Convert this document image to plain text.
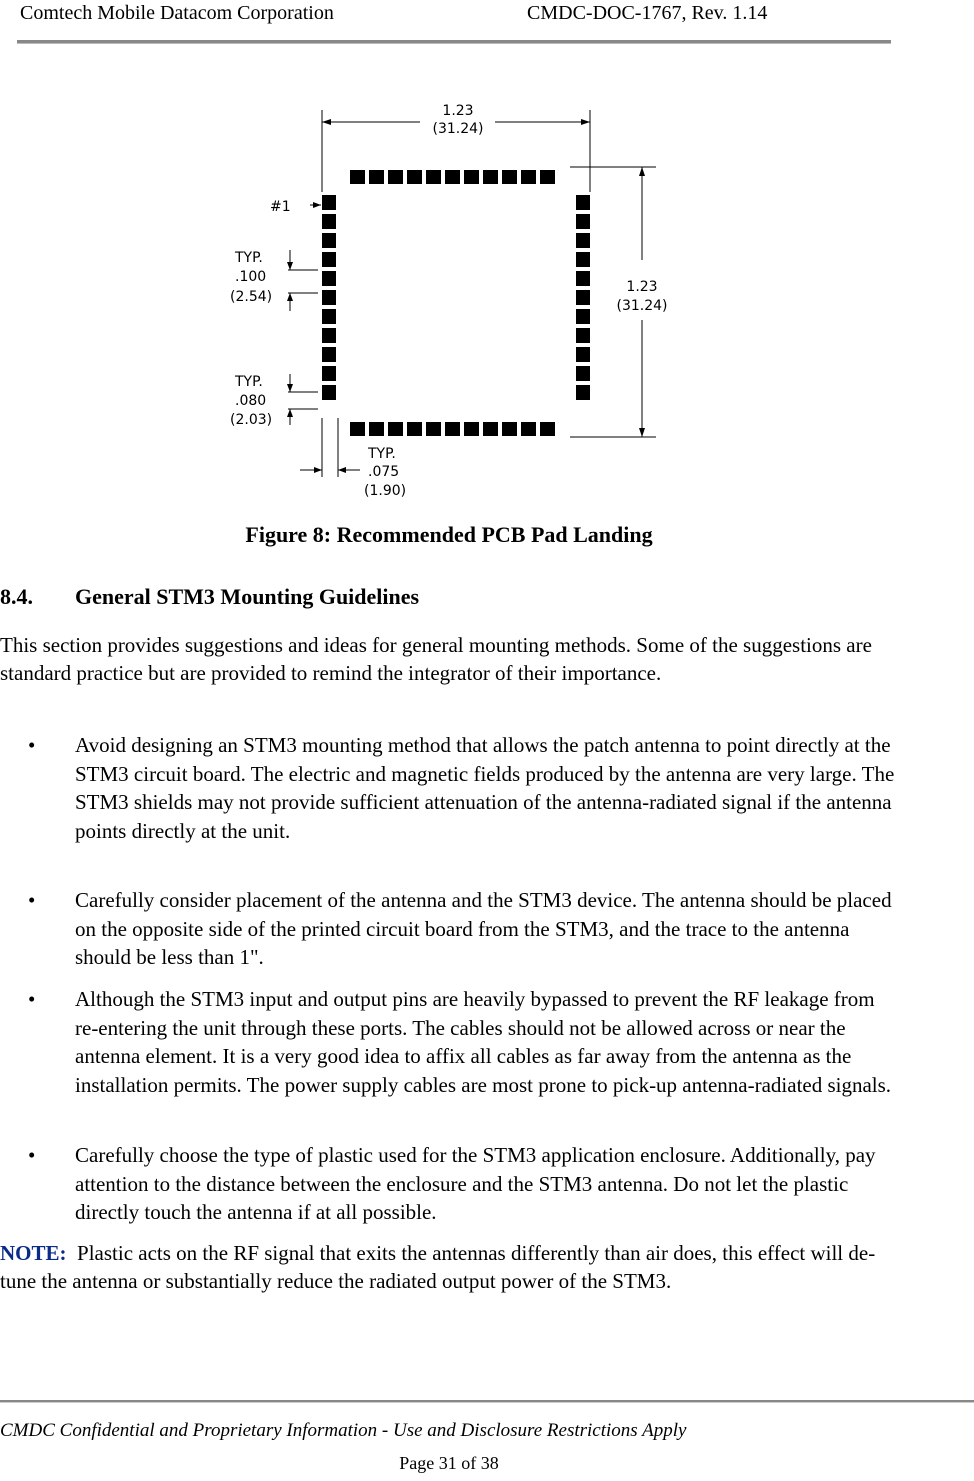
Comtech Mobile Datacom Corporation	CMDC-DOC-1767, Rev. 1.14
1.23
(31.24)
1.23
(31.24)
#1
TYP.
.100
(2.54)
TYP.
.080
(2.03)
TYP.
.075
(1.90)
Figure 8: Recommended PCB Pad Landing
8.4. General STM3 Mounting Guidelines
This section provides suggestions and ideas for general mounting methods. Some of the suggestions are standard practice but are provided to remind the integrator of their importance.
• Avoid designing an STM3 mounting method that allows the patch antenna to point directly at the STM3 circuit board. The electric and magnetic fields produced by the antenna are very large. The STM3 shields may not provide sufficient attenuation of the antenna-radiated signal if the antenna points directly at the unit.
• Carefully consider placement of the antenna and the STM3 device. The antenna should be placed on the opposite side of the printed circuit board from the STM3, and the trace to the antenna should be less than 1".
• Although the STM3 input and output pins are heavily bypassed to prevent the RF leakage from re-entering the unit through these ports. The cables should not be allowed across or near the antenna element. It is a very good idea to affix all cables as far away from the antenna as the installation permits. The power supply cables are most prone to pick-up antenna-radiated signals.
• Carefully choose the type of plastic used for the STM3 application enclosure. Additionally, pay attention to the distance between the enclosure and the STM3 antenna. Do not let the plastic directly touch the antenna if at all possible.
NOTE: Plastic acts on the RF signal that exits the antennas differently than air does, this effect will de-tune the antenna or substantially reduce the radiated output power of the STM3.
CMDC Confidential and Proprietary Information - Use and Disclosure Restrictions Apply
Page 31 of 38
